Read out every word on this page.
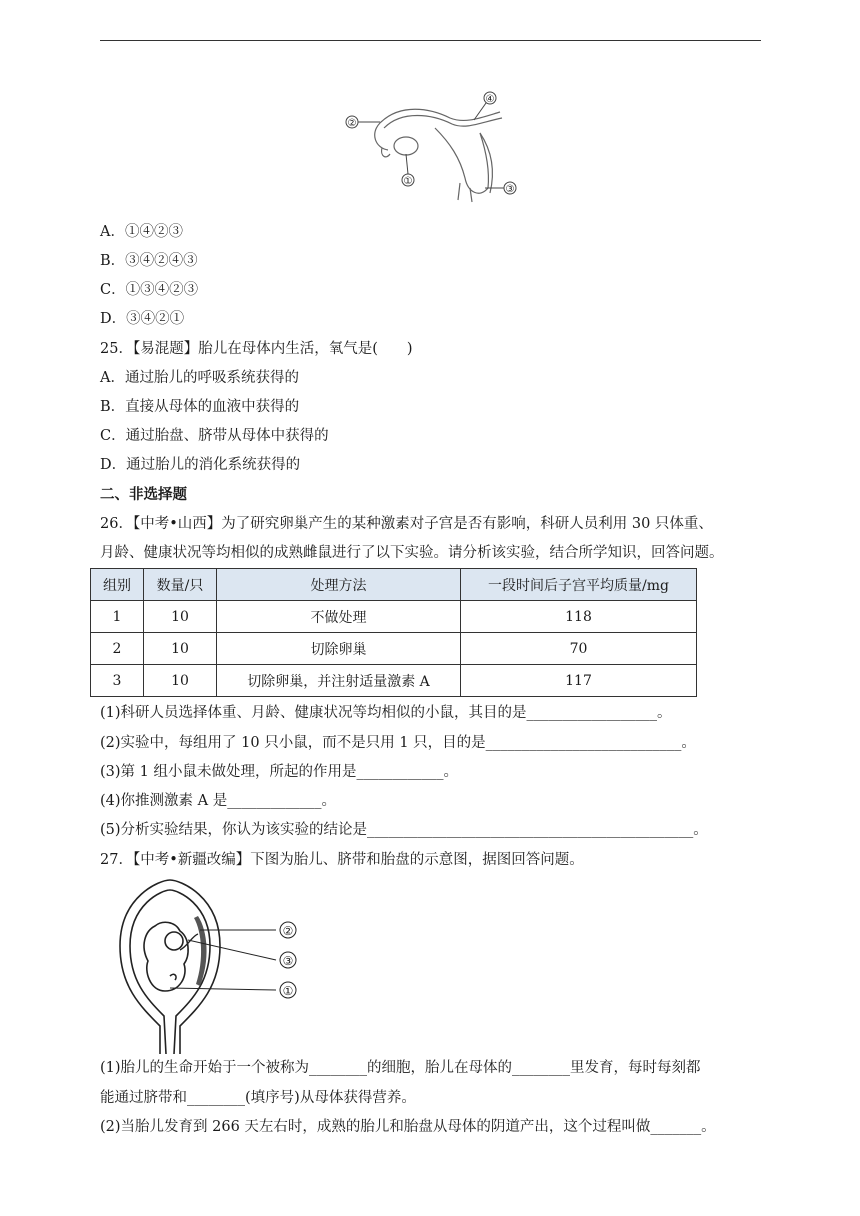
④
②
①
③
A．①④②③
B．③④②④③
C．①③④②③
D．③④②①
25．【易混题】胎儿在母体内生活，氧气是(　　)
A．通过胎儿的呼吸系统获得的
B．直接从母体的血液中获得的
C．通过胎盘、脐带从母体中获得的
D．通过胎儿的消化系统获得的
二、非选择题
26．【中考•山西】为了研究卵巢产生的某种激素对子宫是否有影响，科研人员利用 30 只体重、
月龄、健康状况等均相似的成熟雌鼠进行了以下实验。请分析该实验，结合所学知识，回答问题。
组别	数量/只	处理方法	一段时间后子宫平均质量/mg
1	10	不做处理	118
2	10	切除卵巢	70
3	10	切除卵巢，并注射适量激素 A	117
(1)科研人员选择体重、月龄、健康状况等均相似的小鼠，其目的是__________________。
(2)实验中，每组用了 10 只小鼠，而不是只用 1 只，目的是___________________________。
(3)第 1 组小鼠未做处理，所起的作用是____________。
(4)你推测激素 A 是_____________。
(5)分析实验结果，你认为该实验的结论是_____________________________________________。
27．【中考•新疆改编】下图为胎儿、脐带和胎盘的示意图，据图回答问题。
②
③
①
(1)胎儿的生命开始于一个被称为________的细胞，胎儿在母体的________里发育，每时每刻都
能通过脐带和________(填序号)从母体获得营养。
(2)当胎儿发育到 266 天左右时，成熟的胎儿和胎盘从母体的阴道产出，这个过程叫做_______。
